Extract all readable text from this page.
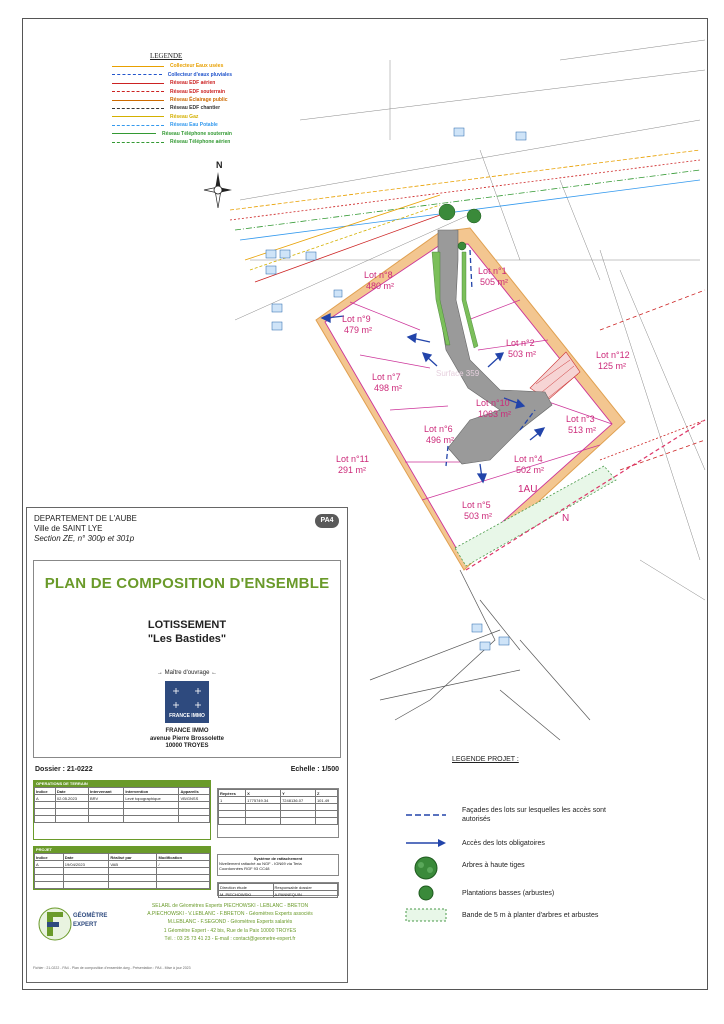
LEGENDE
Collecteur Eaux usées
Collecteur d'eaux pluviales
Réseau EDF aérien
Réseau EDF souterrain
Réseau Éclairage public
Réseau EDF chantier
Réseau Gaz
Réseau Eau Potable
Réseau Téléphone souterrain
Réseau Téléphone aérien
N
Lot n°1
505 m²
Lot n°2
503 m²
Lot n°3
513 m²
Lot n°4
502 m²
Lot n°5
503 m²
Lot n°6
496 m²
Lot n°7
498 m²
Lot n°8
480 m²
Lot n°9
479 m²
Lot n°10
1063 m²
Lot n°11
291 m²
Lot n°12
125 m²
1AU
N
Surface 359
DEPARTEMENT DE L'AUBE
Ville de SAINT LYE
Section ZE, n° 300p et 301p
PA4
PLAN DE COMPOSITION D'ENSEMBLE
LOTISSEMENT
"Les Bastides"
→ Maître d'ouvrage ←
FRANCE IMMO
FRANCE IMMO
avenue Pierre Brossolette
10000 TROYES
Dossier : 21-0222	Echelle : 1/500
OPERATIONS DE TERRAIN
Indice	Date	Intervenant	Intervention	Appareils
A	02.05.2023	BRV	Levé topographique	VB/GNSS

Repères	X	Y	Z
1	1775749.34	7248136.07	101.49

PROJET
Indice	Date	Réalisé par	Modification
A	19/04/2023	VAB	/

Système de rattachement
Nivellement rattaché au NGF - IGN69 via Teria
Coordonnées RGF 93 CC48
Direction étude	Responsable dossier
M. PIECHOWSKI	A.PANNEQUIN
GÉOMÈTRE
EXPERT
SELARL de Géomètres Experts PIECHOWSKI - LEBLANC - BRETON
A.PIECHOWSKI - V.LEBLANC - F.BRETON - Géomètres Experts associés
M.LEBLANC - F.SEGOND - Géomètres Experts salariés
1 Géomètre Expert - 42 bis, Rue de la Paix 10000 TROYES
Tél. : 03 25 73 41 23 - E-mail : contact@geometre-expert.fr
Fichier : 21-0222 - PA4 - Plan de composition d'ensemble.dwg - Présentation : PA4 - Mise à jour 2023
LEGENDE PROJET :
Façades des lots sur lesquelles les accès sont autorisés
Accès des lots obligatoires
Arbres à haute tiges
Plantations basses (arbustes)
Bande de 5 m à planter d'arbres et arbustes
